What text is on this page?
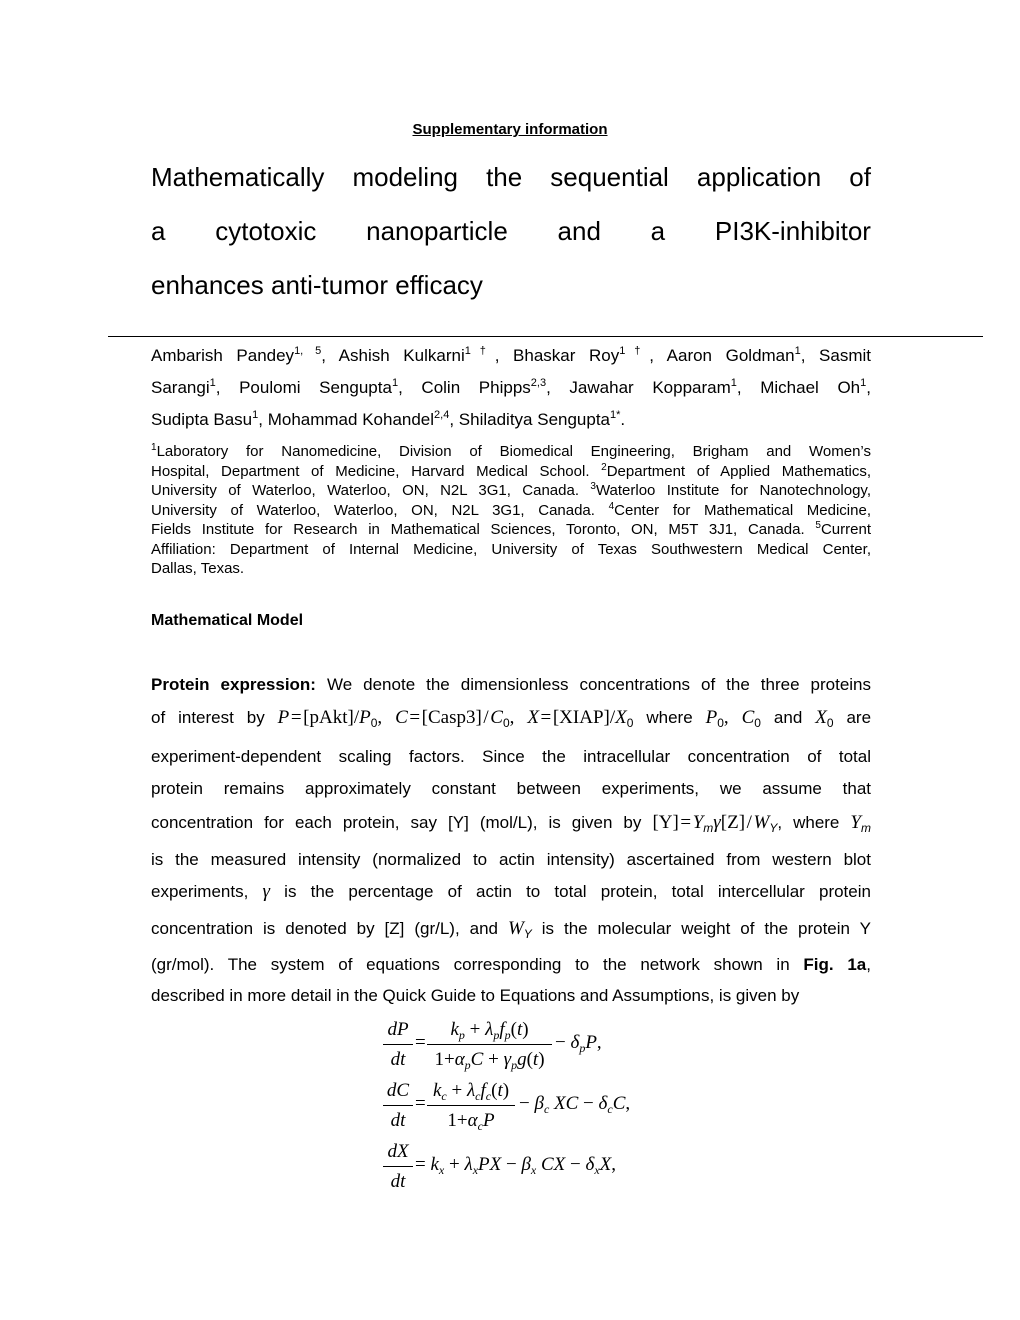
Supplementary information
Mathematically modeling the sequential application of
a cytotoxic nanoparticle and a PI3K-inhibitor
enhances anti-tumor efficacy
Ambarish Pandey$^{1, 5}$, Ashish Kulkarni$^{1\dagger}$, Bhaskar Roy$^{1\dagger}$, Aaron Goldman$^1$, Sasmit
Sarangi$^1$, Poulomi Sengupta$^1$, Colin Phipps$^{2,3}$, Jawahar Kopparam$^1$, Michael Oh$^1$,
Sudipta Basu$^1$, Mohammad Kohandel$^{2,4}$, Shiladitya Sengupta$^{1*}$.
$^1$Laboratory for Nanomedicine, Division of Biomedical Engineering, Brigham and Women’s
Hospital, Department of Medicine, Harvard Medical School. $^2$Department of Applied Mathematics,
University of Waterloo, Waterloo, ON, N2L 3G1, Canada. $^3$Waterloo Institute for Nanotechnology,
University of Waterloo, Waterloo, ON, N2L 3G1, Canada. $^4$Center for Mathematical Medicine,
Fields Institute for Research in Mathematical Sciences, Toronto, ON, M5T 3J1, Canada. $^5$Current
Affiliation: Department of Internal Medicine, University of Texas Southwestern Medical Center,
Dallas, Texas.
Mathematical Model
Protein expression: We denote the dimensionless concentrations of the three proteins
of interest by P = $[pAkt]/P_0$, C = [Casp3] / $C_0$, X = $[XIAP]/X_0$ where $P_0$, $C_0$ and $X_0$ are
experiment-dependent scaling factors. Since the intracellular concentration of total
protein remains approximately constant between experiments, we assume that
concentration for each protein, say [Y] (mol/L), is given by [Y] = $Y_m\gamma[Z]$ / $W_Y$, where $Y_m$
is the measured intensity (normalized to actin intensity) ascertained from western blot
experiments, γ is the percentage of actin to total protein, total intercellular protein
concentration is denoted by [Z] (gr/L), and $W_Y$ is the molecular weight of the protein Y
(gr/mol). The system of equations corresponding to the network shown in Fig. 1a,
described in more detail in the Quick Guide to Equations and Assumptions, is given by
dP
dt
=
$k_p + \lambda_pf_p(t)$
$1+\alpha_pC + \gamma_pg(t)$
− $\delta_pP$,
dC
dt
=
$k_c + \lambda_cf_c(t)$
$1+\alpha_cP$
− $\beta_c$ XC − $\delta_cC$,
dX
dt
= $k_x + \lambda_xPX - \beta_x$ CX − $\delta_xX$,
